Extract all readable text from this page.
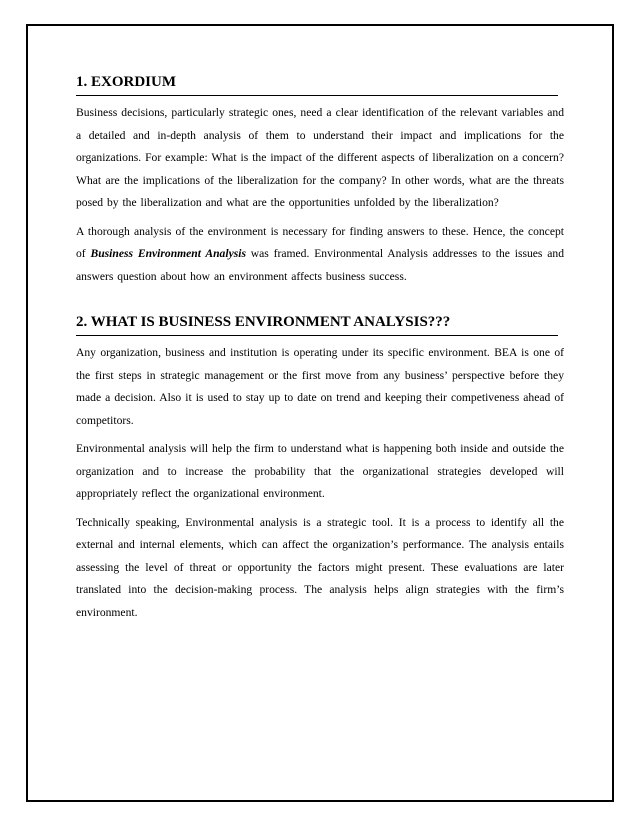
1. EXORDIUM

Business decisions, particularly strategic ones, need a clear identification of the relevant variables and a detailed and in-depth analysis of them to understand their impact and implications for the organizations. For example: What is the impact of the different aspects of liberalization on a concern? What are the implications of the liberalization for the company? In other words, what are the threats posed by the liberalization and what are the opportunities unfolded by the liberalization?

A thorough analysis of the environment is necessary for finding answers to these. Hence, the concept of Business Environment Analysis was framed. Environmental Analysis addresses to the issues and answers question about how an environment affects business success.

2. WHAT IS BUSINESS ENVIRONMENT ANALYSIS???

Any organization, business and institution is operating under its specific environment. BEA is one of the first steps in strategic management or the first move from any business’ perspective before they made a decision. Also it is used to stay up to date on trend and keeping their competiveness ahead of competitors.

Environmental analysis will help the firm to understand what is happening both inside and outside the organization and to increase the probability that the organizational strategies developed will appropriately reflect the organizational environment.

Technically speaking, Environmental analysis is a strategic tool. It is a process to identify all the external and internal elements, which can affect the organization’s performance. The analysis entails assessing the level of threat or opportunity the factors might present. These evaluations are later translated into the decision-making process. The analysis helps align strategies with the firm’s environment.
